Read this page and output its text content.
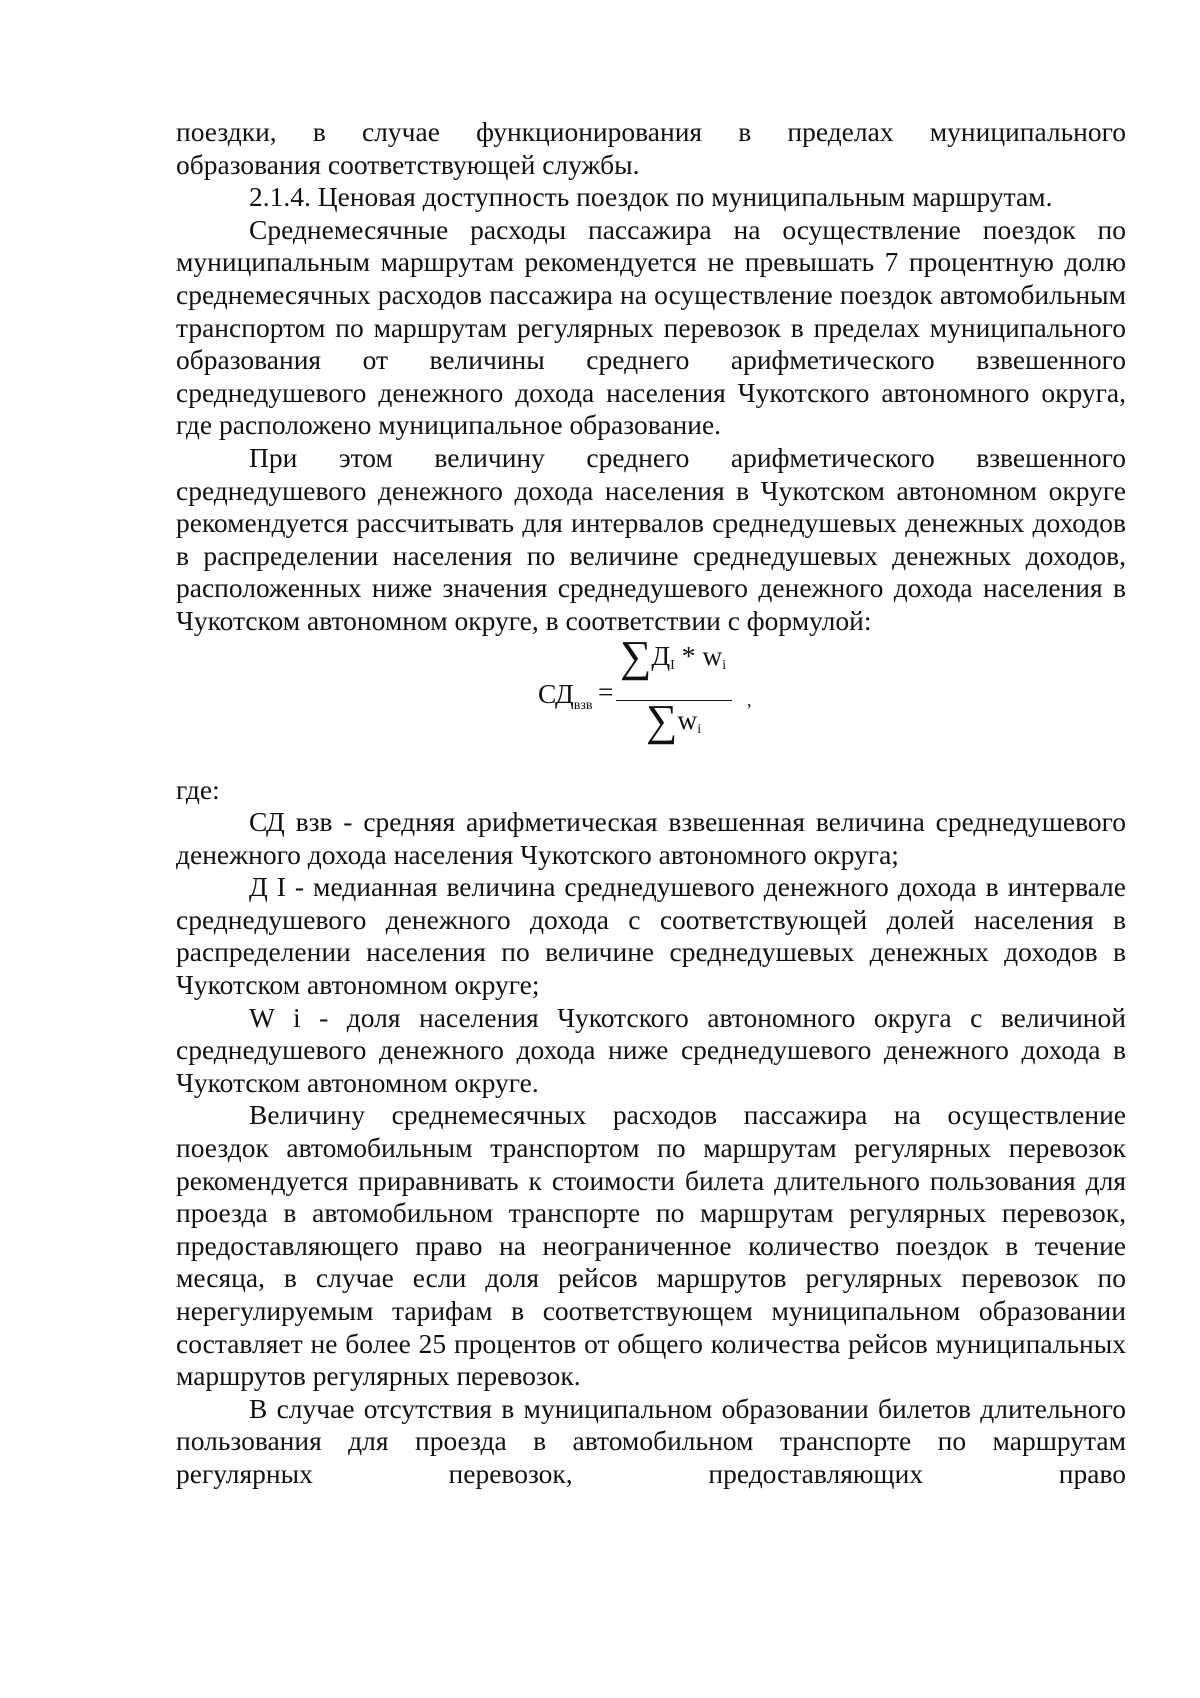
поездки, в случае функционирования в пределах муниципального

образования соответствующей службы.

2.1.4. Ценовая доступность поездок по муниципальным маршрутам.

Среднемесячные расходы пассажира на осуществление поездок по муниципальным маршрутам рекомендуется не превышать 7 процентную долю среднемесячных расходов пассажира на осуществление поездок автомобильным транспортом по маршрутам регулярных перевозок в пределах муниципального образования от величины среднего арифметического взвешенного среднедушевого денежного дохода населения Чукотского автономного округа, где расположено муниципальное образование.

При этом величину среднего арифметического взвешенного среднедушевого денежного дохода населения в Чукотском автономном округе рекомендуется рассчитывать для интервалов среднедушевых денежных доходов в распределении населения по величине среднедушевых денежных доходов, расположенных ниже значения среднедушевого денежного дохода населения в Чукотском автономном округе, в соответствии с формулой:

$СД_{взв}$ =
∑ДI * wi
∑wi
,

где:

СД взв - средняя арифметическая взвешенная величина среднедушевого денежного дохода населения Чукотского автономного округа;

Д I - медианная величина среднедушевого денежного дохода в интервале среднедушевого денежного дохода с соответствующей долей населения в распределении населения по величине среднедушевых денежных доходов в Чукотском автономном округе;

W i - доля населения Чукотского автономного округа с величиной среднедушевого денежного дохода ниже среднедушевого денежного дохода в Чукотском автономном округе.

Величину среднемесячных расходов пассажира на осуществление поездок автомобильным транспортом по маршрутам регулярных перевозок рекомендуется приравнивать к стоимости билета длительного пользования для проезда в автомобильном транспорте по маршрутам регулярных перевозок, предоставляющего право на неограниченное количество поездок в течение месяца, в случае если доля рейсов маршрутов регулярных перевозок по нерегулируемым тарифам в соответствующем муниципальном образовании составляет не более 25 процентов от общего количества рейсов муниципальных маршрутов регулярных перевозок.

В случае отсутствия в муниципальном образовании билетов длительного пользования для проезда в автомобильном транспорте по маршрутам регулярных перевозок, предоставляющих право
